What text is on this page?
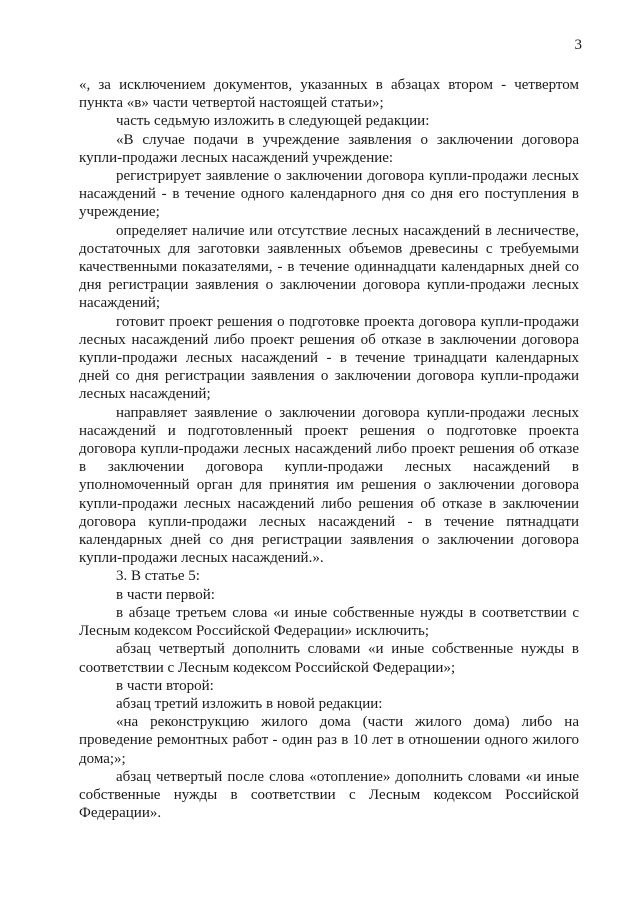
3

«, за исключением документов, указанных в абзацах втором - четвертом пункта «в» части четвертой настоящей статьи»;

часть седьмую изложить в следующей редакции:

«В случае подачи в учреждение заявления о заключении договора купли-продажи лесных насаждений учреждение:

регистрирует заявление о заключении договора купли-продажи лесных насаждений - в течение одного календарного дня со дня его поступления в учреждение;

определяет наличие или отсутствие лесных насаждений в лесничестве, достаточных для заготовки заявленных объемов древесины с требуемыми качественными показателями, - в течение одиннадцати календарных дней со дня регистрации заявления о заключении договора купли-продажи лесных насаждений;

готовит проект решения о подготовке проекта договора купли-продажи лесных насаждений либо проект решения об отказе в заключении договора купли-продажи лесных насаждений - в течение тринадцати календарных дней со дня регистрации заявления о заключении договора купли-продажи лесных насаждений;

направляет заявление о заключении договора купли-продажи лесных насаждений и подготовленный проект решения о подготовке проекта договора купли-продажи лесных насаждений либо проект решения об отказе в заключении договора купли-продажи лесных насаждений в уполномоченный орган для принятия им решения о заключении договора купли-продажи лесных насаждений либо решения об отказе в заключении договора купли-продажи лесных насаждений - в течение пятнадцати календарных дней со дня регистрации заявления о заключении договора купли-продажи лесных насаждений.».

3. В статье 5:

в части первой:

в абзаце третьем слова «и иные собственные нужды в соответствии с Лесным кодексом Российской Федерации» исключить;

абзац четвертый дополнить словами «и иные собственные нужды в соответствии с Лесным кодексом Российской Федерации»;

в части второй:

абзац третий изложить в новой редакции:

«на реконструкцию жилого дома (части жилого дома) либо на проведение ремонтных работ - один раз в 10 лет в отношении одного жилого дома;»;

абзац четвертый после слова «отопление» дополнить словами «и иные собственные нужды в соответствии с Лесным кодексом Российской Федерации».
